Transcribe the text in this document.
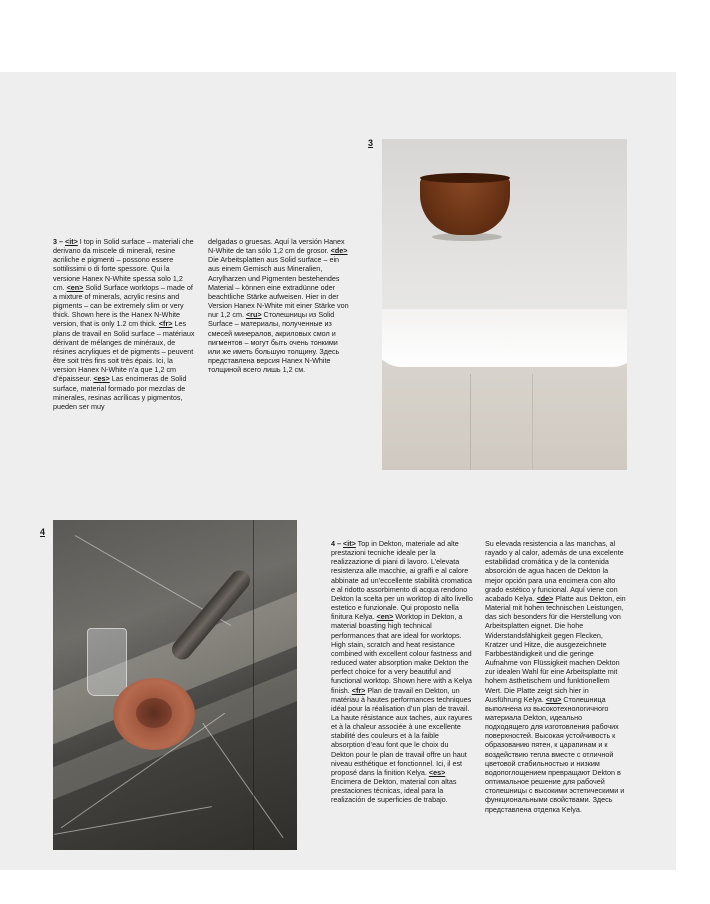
3
4

3 – <it> I top in Solid surface – materiali che derivano da miscele di minerali, resine acriliche e pigmenti – possono essere sottilissimi o di forte spessore. Qui la versione Hanex N-White spessa solo 1,2 cm. <en> Solid Surface worktops – made of a mixture of minerals, acrylic resins and pigments – can be extremely slim or very thick. Shown here is the Hanex N-White version, that is only 1.2 cm thick. <fr> Les plans de travail en Solid surface – matériaux dérivant de mélanges de minéraux, de résines acryliques et de pigments – peuvent être soit très fins soit très épais. Ici, la version Hanex N-White n’a que 1,2 cm d’épaisseur. <es> Las encimeras de Solid surface, material formado por mezclas de minerales, resinas acrílicas y pigmentos, pueden ser muy

delgadas o gruesas. Aquí la versión Hanex N-White de tan sólo 1,2 cm de grosor. <de> Die Arbeitsplatten aus Solid surface – ein aus einem Gemisch aus Mineralien, Acrylharzen und Pigmenten bestehendes Material – können eine extradünne oder beachtliche Stärke aufweisen. Hier in der Version Hanex N-White mit einer Stärke von nur 1,2 cm. <ru> Столешницы из Solid Surface – материалы, полученные из смесей минералов, акриловых смол и пигментов – могут быть очень тонкими или же иметь большую толщину. Здесь представлена версия Hanex N-White толщиной всего лишь 1,2 см.

4 – <it> Top in Dekton, materiale ad alte prestazioni tecniche ideale per la realizzazione di piani di lavoro. L’elevata resistenza alle macchie, ai graffi e al calore abbinate ad un’eccellente stabilità cromatica e al ridotto assorbimento di acqua rendono Dekton la scelta per un worktop di alto livello estetico e funzionale. Qui proposto nella finitura Kelya. <en> Worktop in Dekton, a material boasting high technical performances that are ideal for worktops. High stain, scratch and heat resistance combined with excellent colour fastness and reduced water absorption make Dekton the perfect choice for a very beautiful and functional worktop. Shown here with a Kelya finish. <fr> Plan de travail en Dekton, un matériau à hautes performances techniques idéal pour la réalisation d’un plan de travail. La haute résistance aux taches, aux rayures et à la chaleur associée à une excellente stabilité des couleurs et à la faible absorption d’eau font que le choix du Dekton pour le plan de travail offre un haut niveau esthétique et fonctionnel. Ici, il est proposé dans la finition Kelya. <es> Encimera de Dekton, material con altas prestaciones técnicas, ideal para la realización de superficies de trabajo.

Su elevada resistencia a las manchas, al rayado y al calor, además de una excelente estabilidad cromática y de la contenida absorción de agua hacen de Dekton la mejor opción para una encimera con alto grado estético y funcional. Aquí viene con acabado Kelya. <de> Platte aus Dekton, ein Material mit hohen technischen Leistungen, das sich besonders für die Herstellung von Arbeitsplatten eignet. Die hohe Widerstandsfähigkeit gegen Flecken, Kratzer und Hitze, die ausgezeichnete Farbbeständigkeit und die geringe Aufnahme von Flüssigkeit machen Dekton zur idealen Wahl für eine Arbeitsplatte mit hohem ästhetischem und funktionellem Wert. Die Platte zeigt sich hier in Ausführung Kelya. <ru> Столешница выполнена из высокотехнологичного материала Dekton, идеально подходящего для изготовления рабочих поверхностей. Высокая устойчивость к образованию пятен, к царапинам и к воздействию тепла вместе с отличной цветовой стабильностью и низким водопоглощением превращают Dekton в оптимальное решение для рабочей столешницы с высокими эстетическими и функциональными свойствами. Здесь представлена отделка Kelya.
